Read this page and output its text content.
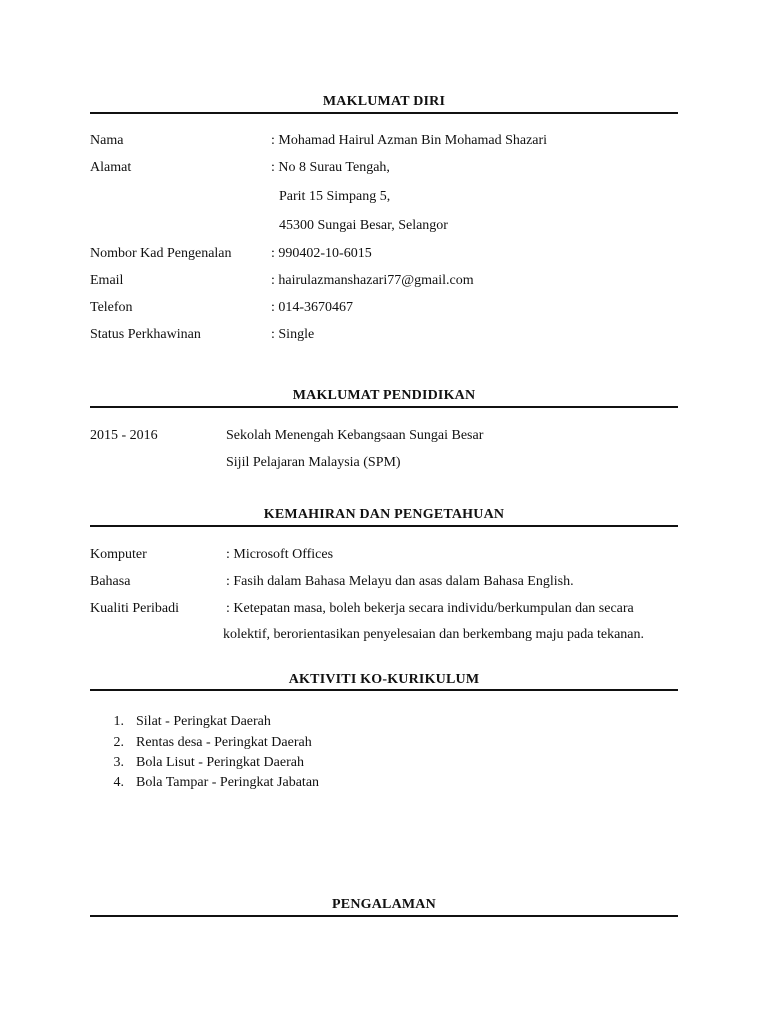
MAKLUMAT DIRI
Nama	: Mohamad Hairul Azman Bin Mohamad Shazari
Alamat	: No 8 Surau Tengah,
Parit 15 Simpang 5,
45300 Sungai Besar, Selangor
Nombor Kad Pengenalan	: 990402-10-6015
Email	: hairulazmanshazari77@gmail.com
Telefon	: 014-3670467
Status Perkhawinan	: Single
MAKLUMAT PENDIDIKAN
2015 - 2016	Sekolah Menengah Kebangsaan Sungai Besar
Sijil Pelajaran Malaysia (SPM)
KEMAHIRAN DAN PENGETAHUAN
Komputer	: Microsoft Offices
Bahasa	: Fasih dalam Bahasa Melayu dan asas dalam Bahasa English.
Kualiti Peribadi	: Ketepatan masa, boleh bekerja secara individu/berkumpulan dan secara
kolektif, berorientasikan penyelesaian dan berkembang maju pada tekanan.
AKTIVITI KO-KURIKULUM
1. Silat - Peringkat Daerah
2. Rentas desa - Peringkat Daerah
3. Bola Lisut - Peringkat Daerah
4. Bola Tampar - Peringkat Jabatan
PENGALAMAN
